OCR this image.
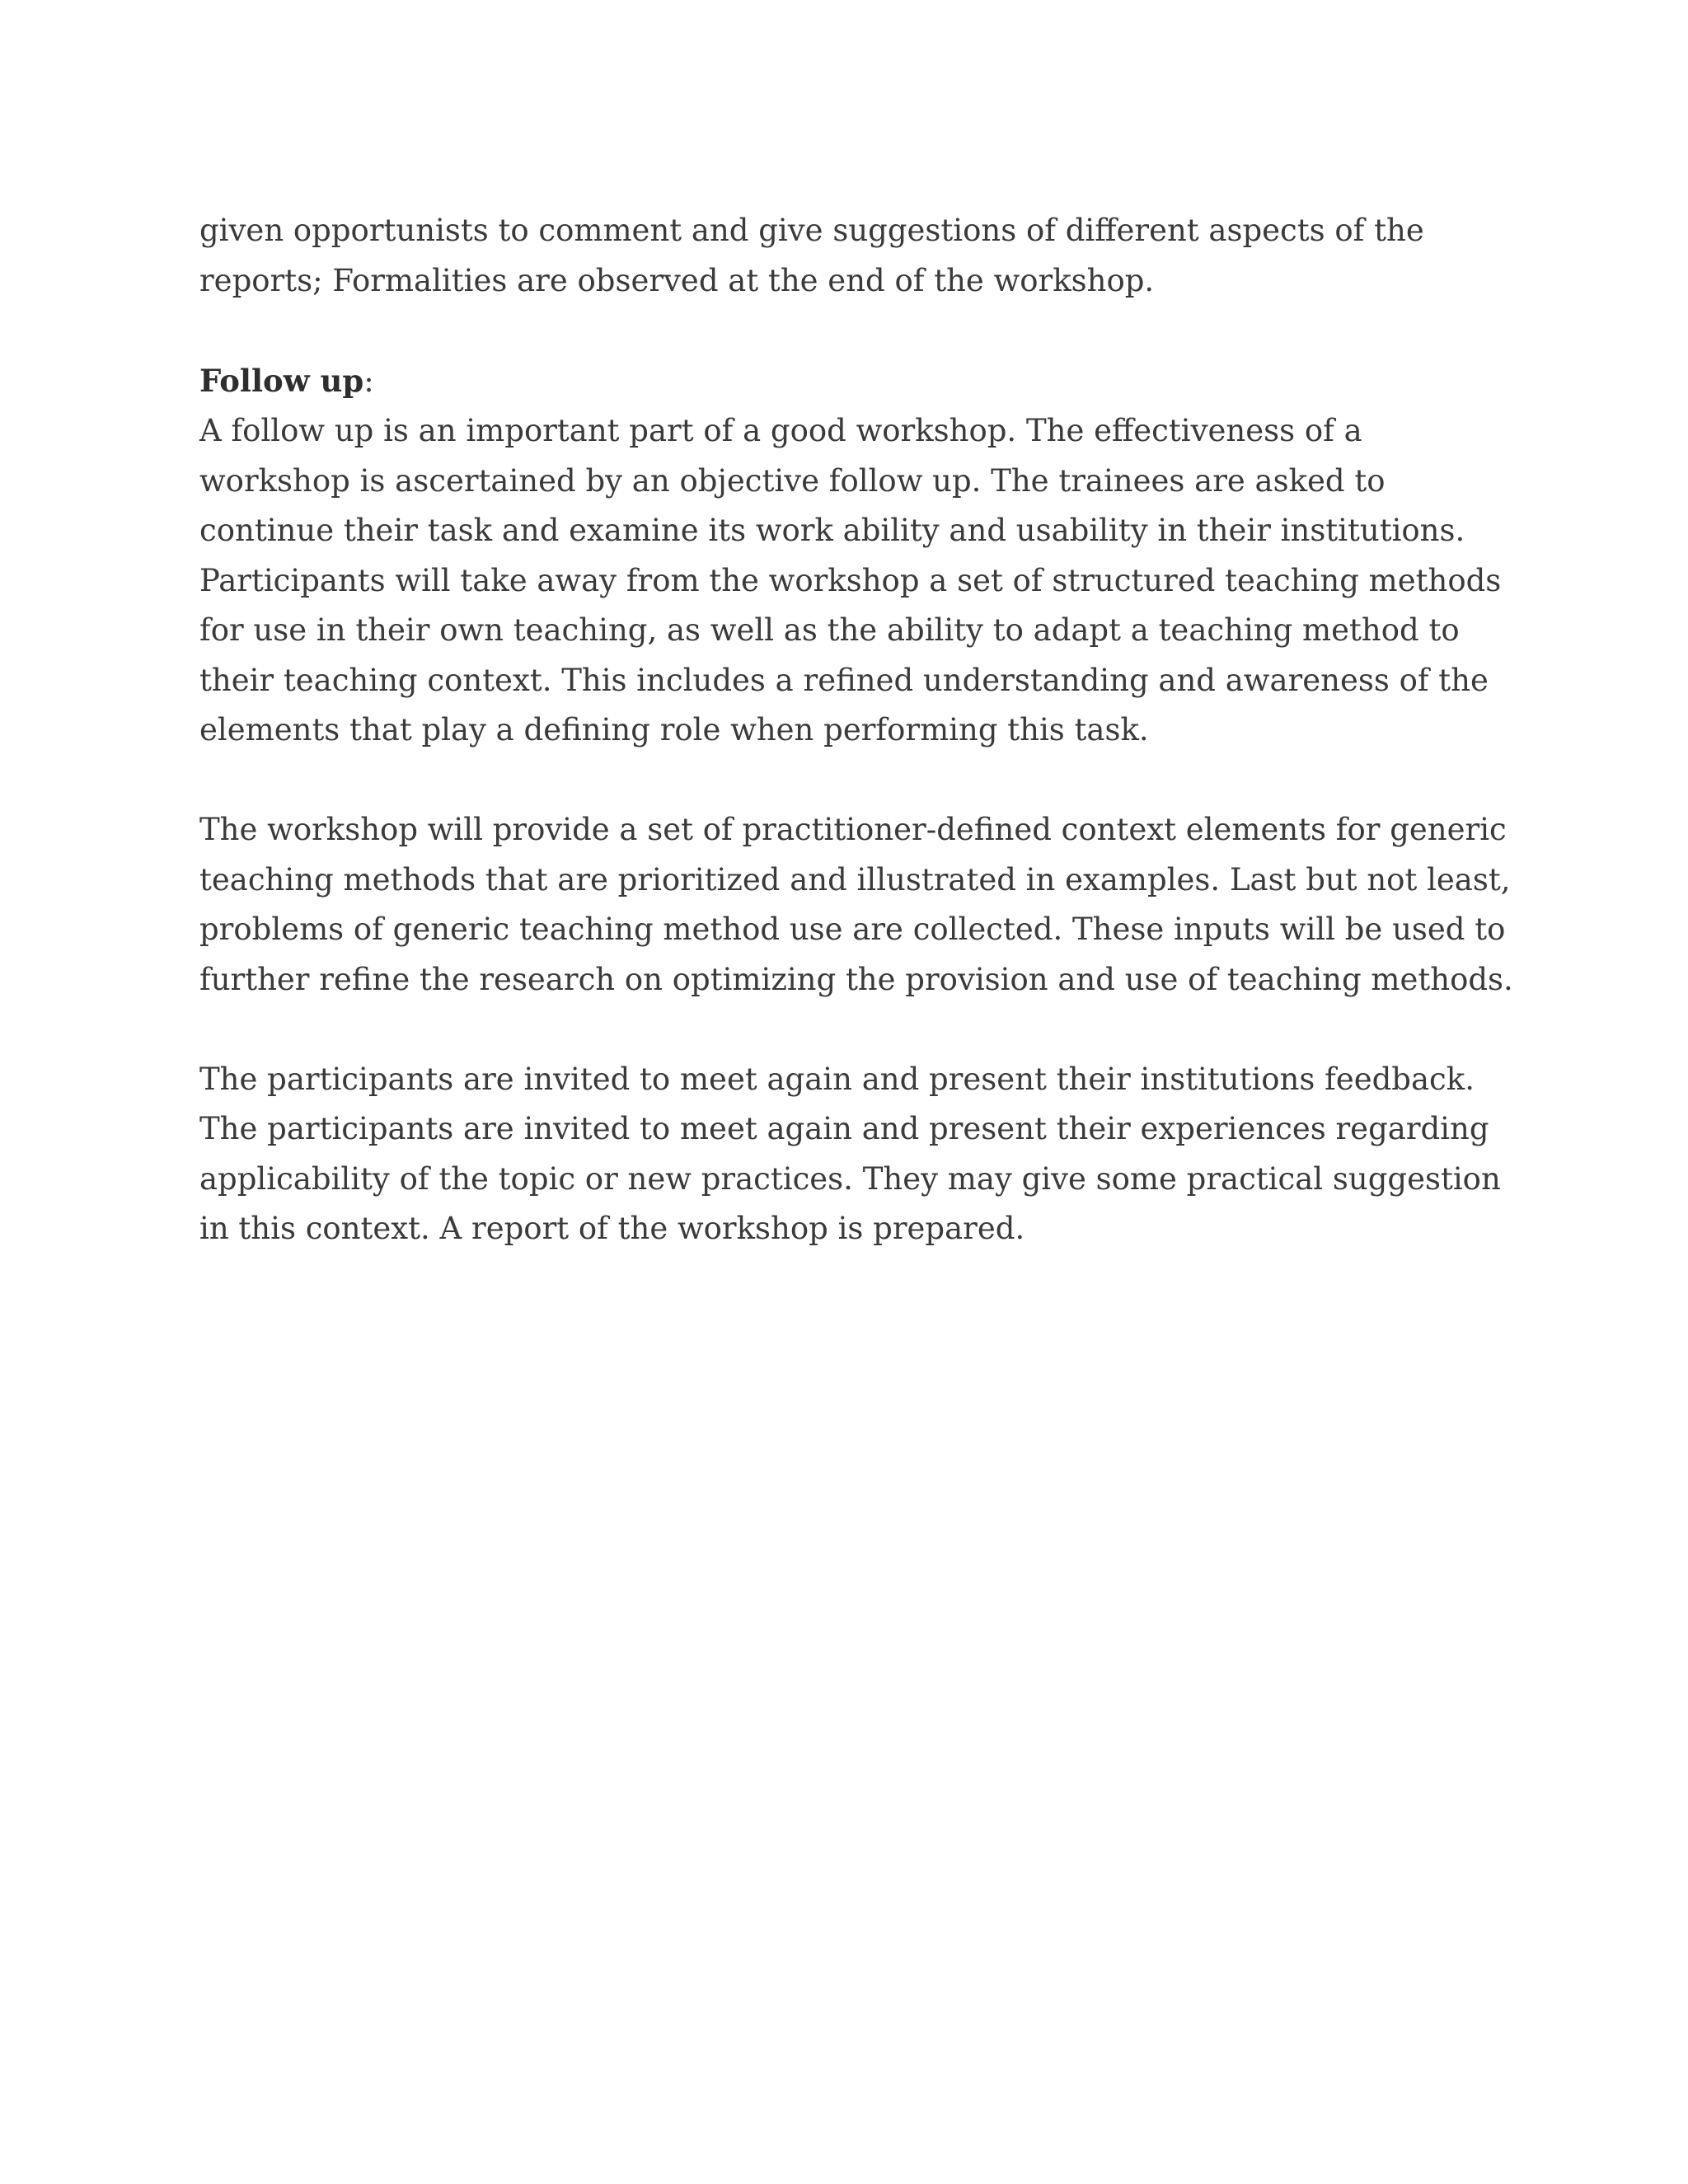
given opportunists to comment and give suggestions of different aspects of the reports; Formalities are observed at the end of the workshop.

Follow up:

A follow up is an important part of a good workshop. The effectiveness of a workshop is ascertained by an objective follow up. The trainees are asked to continue their task and examine its work ability and usability in their institutions. Participants will take away from the workshop a set of structured teaching methods for use in their own teaching, as well as the ability to adapt a teaching method to their teaching context. This includes a refined understanding and awareness of the elements that play a defining role when performing this task.

The workshop will provide a set of practitioner-defined context elements for generic teaching methods that are prioritized and illustrated in examples. Last but not least, problems of generic teaching method use are collected. These inputs will be used to further refine the research on optimizing the provision and use of teaching methods.

The participants are invited to meet again and present their institutions feedback. The participants are invited to meet again and present their experiences regarding applicability of the topic or new practices. They may give some practical suggestion in this context. A report of the workshop is prepared.
